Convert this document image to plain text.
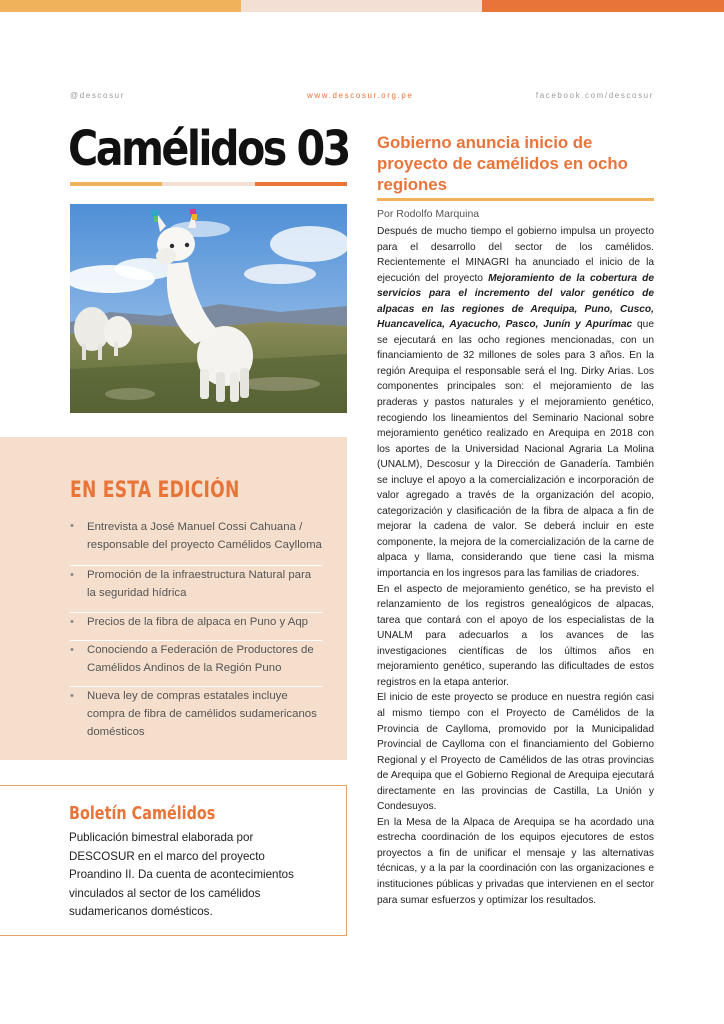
@descosur	www.descosur.org.pe	facebook.com/descosur
Camélidos 03
EN ESTA EDICIÓN
• Entrevista a José Manuel Cossi Cahuana / responsable del proyecto Camélidos Caylloma
• Promoción de la infraestructura Natural para la seguridad hídrica
• Precios de la fibra de alpaca en Puno y Aqp
• Conociendo a Federación de Productores de Camélidos Andinos de la Región Puno
• Nueva ley de compras estatales incluye compra de fibra de camélidos sudamericanos domésticos
Boletín Camélidos
Publicación bimestral elaborada por DESCOSUR en el marco del proyecto Proandino II. Da cuenta de acontecimientos vinculados al sector de los camélidos sudamericanos domésticos.
Gobierno anuncia inicio de proyecto de camélidos en ocho regiones
Por Rodolfo Marquina

Después de mucho tiempo el gobierno impulsa un proyecto para el desarrollo del sector de los camélidos. Recientemente el MINAGRI ha anunciado el inicio de la ejecución del proyecto Mejoramiento de la cobertura de servicios para el incremento del valor genético de alpacas en las regiones de Arequipa, Puno, Cusco, Huancavelica, Ayacucho, Pasco, Junín y Apurímac que se ejecutará en las ocho regiones mencionadas, con un financiamiento de 32 millones de soles para 3 años. En la región Arequipa el responsable será el Ing. Dirky Arias. Los componentes principales son: el mejoramiento de las praderas y pastos naturales y el mejoramiento genético, recogiendo los lineamientos del Seminario Nacional sobre mejoramiento genético realizado en Arequipa en 2018 con los aportes de la Universidad Nacional Agraria La Molina (UNALM), Descosur y la Dirección de Ganadería. También se incluye el apoyo a la comercialización e incorporación de valor agregado a través de la organización del acopio, categorización y clasificación de la fibra de alpaca a fin de mejorar la cadena de valor. Se deberá incluir en este componente, la mejora de la comercialización de la carne de alpaca y llama, considerando que tiene casi la misma importancia en los ingresos para las familias de criadores.

En el aspecto de mejoramiento genético, se ha previsto el relanzamiento de los registros genealógicos de alpacas, tarea que contará con el apoyo de los especialistas de la UNALM para adecuarlos a los avances de las investigaciones científicas de los últimos años en mejoramiento genético, superando las dificultades de estos registros en la etapa anterior.

El inicio de este proyecto se produce en nuestra región casi al mismo tiempo con el Proyecto de Camélidos de la Provincia de Caylloma, promovido por la Municipalidad Provincial de Caylloma con el financiamiento del Gobierno Regional y el Proyecto de Camélidos de las otras provincias de Arequipa que el Gobierno Regional de Arequipa ejecutará directamente en las provincias de Castilla, La Unión y Condesuyos.

En la Mesa de la Alpaca de Arequipa se ha acordado una estrecha coordinación de los equipos ejecutores de estos proyectos a fin de unificar el mensaje y las alternativas técnicas, y a la par la coordinación con las organizaciones e instituciones públicas y privadas que intervienen en el sector para sumar esfuerzos y optimizar los resultados.
